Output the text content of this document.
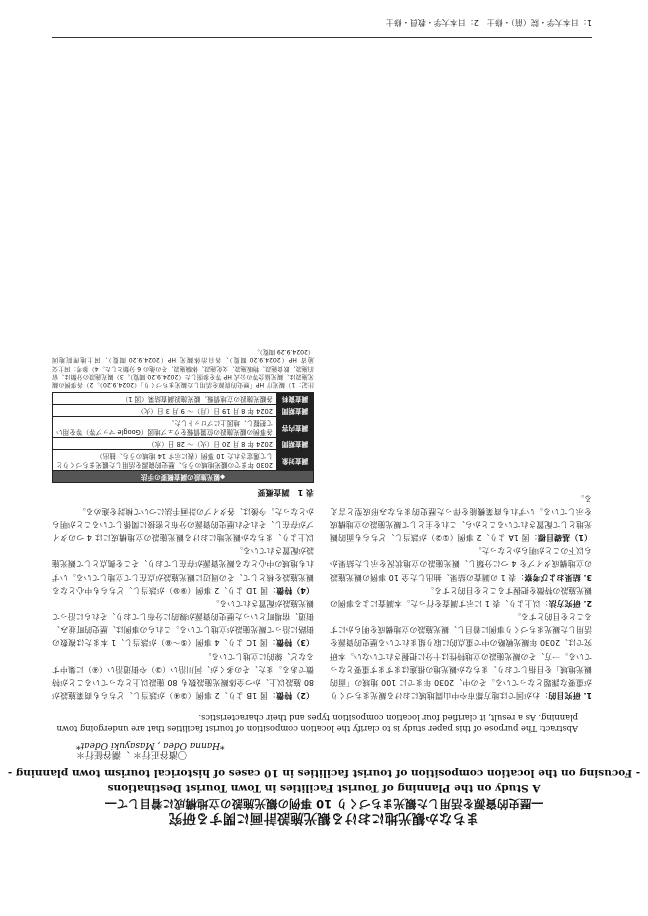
まちなか観光地における観光施設計画に関する研究
―歴史的資源を活用した観光まちづくり 10 事例の観光施設の立地構成に着目して―
A Study on the Planning of Tourist Facilities in Town Tourist Destinations
- Focusing on the location composition of tourist facilities in 10 cases of historical tourism town planning -
〇濱谷正行＊ 、潮谷征行＊
*Hanna Odea , Masayuki Odeat*

1. 研究目的：わが国では地方都市や中山間地域における観光まちづくりが重要な課題となっている。その中、2030 年までに 100 地域の「面的観光地域」を目指しており、まちなか観光地の推進はますます重要となっている。一方、その観光施設の立地特性は十分に把握されていない。本研究では、2030 年観光戦略の中で重点的に取り組まれている歴史的資源を活用した観光まちづくり事例に着目し、観光施設の立地構成を明らかにすることを目的とする。

2. 研究方法：以上より、表 1 に示す調査を行った。本調査による事例の観光施設の特徴を把握することを目的とする。

3. 結果および考察：表 1 の調査の結果、抽出した全 10 事例の観光施設の立地構成タイプを 4 つに分類し、観光施設の立地状況を示した結果から以下のことが明らかとなった。

（1）基礎目標：図 1A より、2 事例（①②）が該当し、どちらも面的観光地として配置されていることから、これを主として観光施設の立地構成を示している。いずれも商業機能を伴った歴史的まちなみ形成型と言える。

（2）特徴：図 1B より、2 事例（③④）が該当し、どちらも商業施設が 80 施設以上、かつ全体観光施設数も 80 施設以上となっていることが特徴である。また、その多くが、河川沿い（③）や街道沿い（④）に集中するなど、線的に立地している。

（3）特徴：図 1C より、4 事例（⑤〜⑧）が該当し、1 本または複数の街路に沿って観光施設が立地している。これらの事例は、歴史的町並み、街道、宿場町といった歴史的資源が線的に分布しており、それらに沿って観光施設が配置されている。

（4）特徴：図 1D より、2 事例（⑨⑩）が該当し、どちらも中心となる観光施設を核として、その周辺に観光施設が点在して立地している。いずれも地域の中心となる観光資源が存在しており、そこを拠点として観光施設が配置されている。

以上より、まちなか観光地における観光施設の立地構成には 4 つのタイプが存在し、それぞれ歴史的資源の分布と密接に関係していることが明らかとなった。今後は、各タイプの計画手法について検討を進める。

表 1　調査概要
◆観光施設の調査概要の手法	
調査対象	2030 年までの観光地域のうち、歴史的資源を活用した観光まちづくりとして選定された 10 事例（表に示す 14 地域のうち、抽出）
調査期間	2024 年 8 月 20 日（火）～ 28 日（水）
調査内容	各事例の観光施設の位置情報をウェブ地図（Google マップ等）等を用いて把握し、地図上にプロットした。
調査期間	2024 年 8 月 19 日（月）～ 9 月 3 日（火）
調査資料	各観光施設の立地情報、観光施設調査結果（図 1）
注記：1）観光庁 HP「歴史的資源を活用した観光まちづくり」（2024.9.20）。2）各事例の観光施設は、観光協会等の公式 HP 等を参照した（2024.9.20 閲覧）。3）観光施設の分類は、宿泊施設、飲食施設、物販施設、文化施設、体験施設、その他の 6 分類とした。4）参考：国土交通省 HP（2024.9.20 閲覧）、各自治体観光 HP（2024.9.20 閲覧）、国土地理院地図（2024.9.29 閲覧）。
1：日本大学・院（前）・修士　2：日本大学・教員・修士
Abstract: The purpose of this paper study is to clarify the location composition of tourist facilities that are undergoing town planning. As a result, it clarified four location composition types and their characteristics.
